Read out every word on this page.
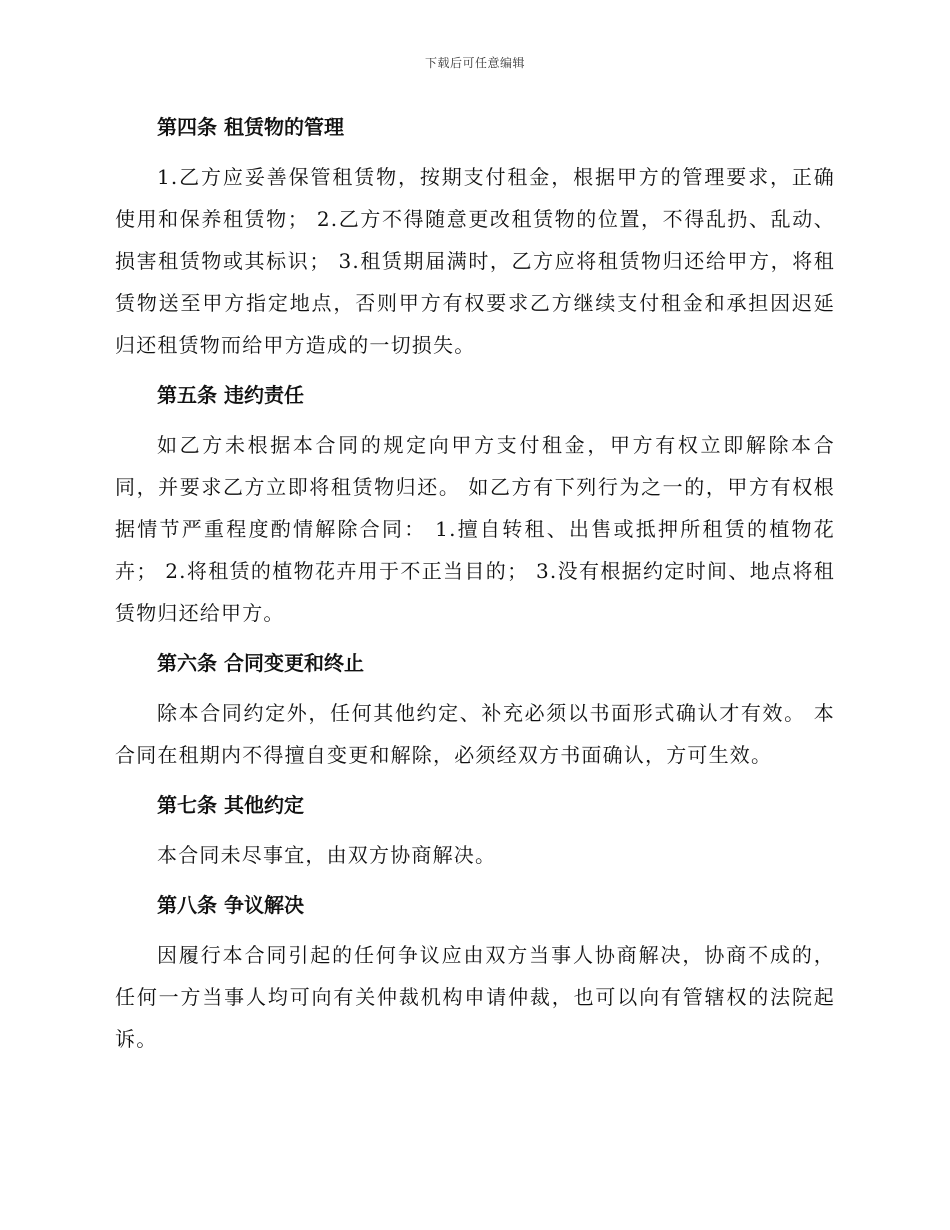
下载后可任意编辑
第四条 租赁物的管理

1.乙方应妥善保管租赁物，按期支付租金，根据甲方的管理要求，正确使用和保养租赁物； 2.乙方不得随意更改租赁物的位置，不得乱扔、乱动、损害租赁物或其标识； 3.租赁期届满时，乙方应将租赁物归还给甲方，将租赁物送至甲方指定地点，否则甲方有权要求乙方继续支付租金和承担因迟延归还租赁物而给甲方造成的一切损失。

第五条 违约责任

如乙方未根据本合同的规定向甲方支付租金，甲方有权立即解除本合同，并要求乙方立即将租赁物归还。 如乙方有下列行为之一的，甲方有权根据情节严重程度酌情解除合同： 1.擅自转租、出售或抵押所租赁的植物花卉； 2.将租赁的植物花卉用于不正当目的； 3.没有根据约定时间、地点将租赁物归还给甲方。

第六条 合同变更和终止

除本合同约定外，任何其他约定、补充必须以书面形式确认才有效。 本合同在租期内不得擅自变更和解除，必须经双方书面确认，方可生效。

第七条 其他约定

本合同未尽事宜，由双方协商解决。

第八条 争议解决

因履行本合同引起的任何争议应由双方当事人协商解决，协商不成的，任何一方当事人均可向有关仲裁机构申请仲裁，也可以向有管辖权的法院起诉。
